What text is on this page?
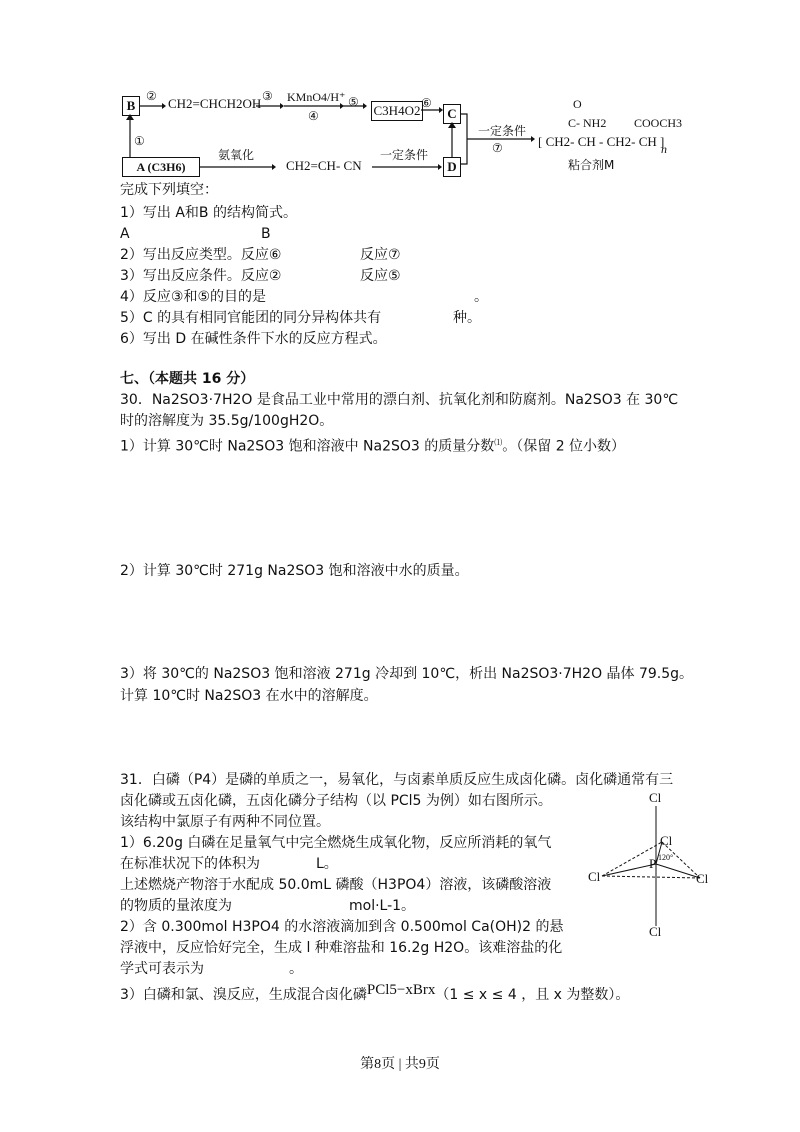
B
② CH2=CHCH2OH ③ KMnO4/H⁺
④
⑤
C3H4O2 ⑥
C
①
A (C3H6)
氨氧化
CH2=CH- CN
一定条件
D
一定条件
⑦
O
C- NH2 COOCH3
[ CH2- CH - CH2- CH ]
n
粘合剂M
完成下列填空：
1）写出 A和B 的结构简式。
A	B
2）写出反应类型。反应⑥	反应⑦
3）写出反应条件。反应②	反应⑤
4）反应③和⑤的目的是	。
5）C 的具有相同官能团的同分异构体共有	种。
6）写出 D 在碱性条件下水的反应方程式。
七、（本题共 16 分）
30．Na2SO3·7H2O 是食品工业中常用的漂白剂、抗氧化剂和防腐剂。Na2SO3 在 30℃
时的溶解度为 35.5g/100gH2O。
1）计算 30℃时 Na2SO3 饱和溶液中 Na2SO3 的质量分数⑴。（保留 2 位小数）
2）计算 30℃时 271g Na2SO3 饱和溶液中水的质量。
3）将 30℃的 Na2SO3 饱和溶液 271g 冷却到 10℃，析出 Na2SO3·7H2O 晶体 79.5g。
计算 10℃时 Na2SO3 在水中的溶解度。
31．白磷（P4）是磷的单质之一，易氧化，与卤素单质反应生成卤化磷。卤化磷通常有三
卤化磷或五卤化磷，五卤化磷分子结构（以 PCl5 为例）如右图所示。
该结构中氯原子有两种不同位置。
1）6.20g 白磷在足量氧气中完全燃烧生成氧化物，反应所消耗的氧气
在标准状况下的体积为	L。
上述燃烧产物溶于水配成 50.0mL 磷酸（H3PO4）溶液，该磷酸溶液
的物质的量浓度为	mol·L-1。
2）含 0.300mol H3PO4 的水溶液滴加到含 0.500mol Ca(OH)2 的悬
浮液中，反应恰好完全，生成 l 种难溶盐和 16.2g H2O。该难溶盐的化
学式可表示为	。
3）白磷和氯、溴反应，生成混合卤化磷PCl5−xBrx（1 ≤ x ≤ 4 ，且 x 为整数）。
Cl
Cl
P 120°
Cl	Cl
Cl
第8页 | 共9页
